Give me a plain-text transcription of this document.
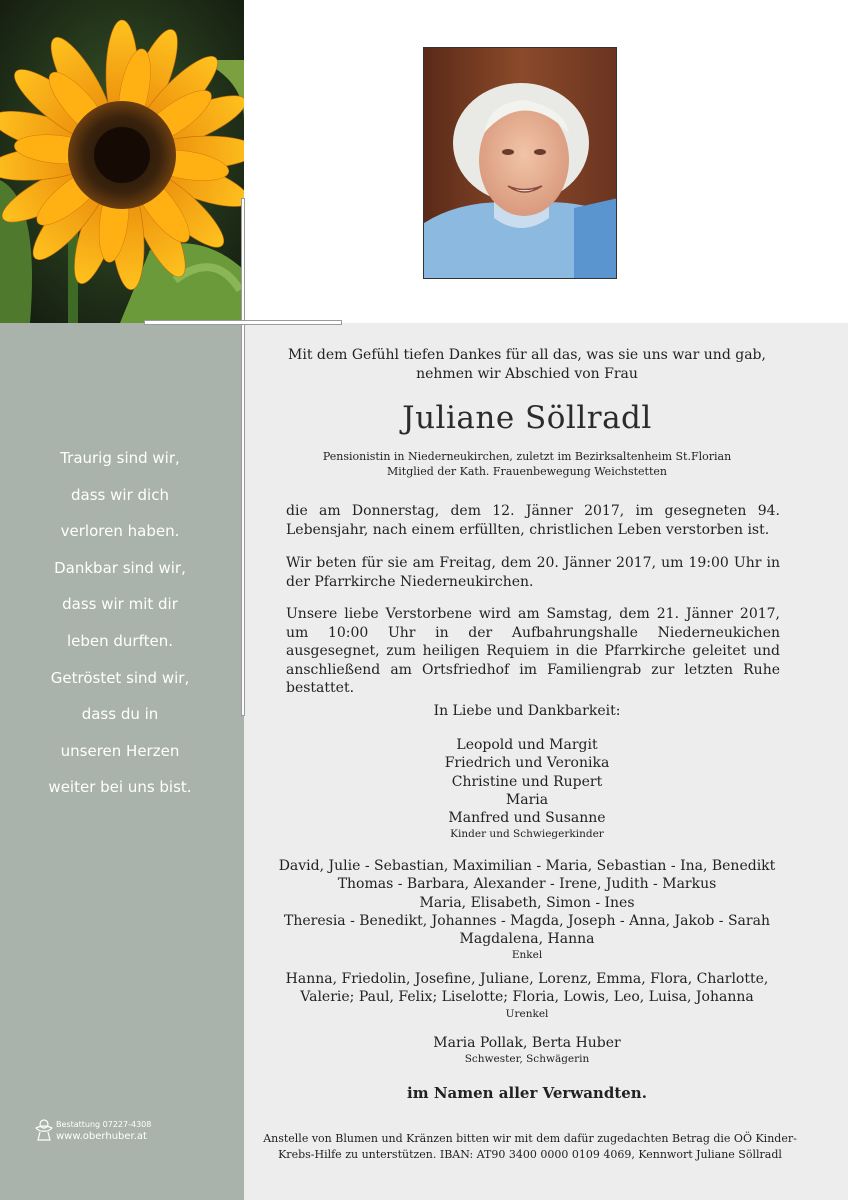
Traurig sind wir,
dass wir dich
verloren haben.
Dankbar sind wir,
dass wir mit dir
leben durften.
Getröstet sind wir,
dass du in
unseren Herzen
weiter bei uns bist.
Bestattung 07227-4308
www.oberhuber.at
Mit dem Gefühl tiefen Dankes für all das, was sie uns war und gab,
nehmen wir Abschied von Frau
Juliane Söllradl
Pensionistin in Niederneukirchen, zuletzt im Bezirksaltenheim St.Florian
Mitglied der Kath. Frauenbewegung Weichstetten
die am Donnerstag, dem 12. Jänner 2017, im gesegneten 94. Lebensjahr, nach einem erfüllten, christlichen Leben verstorben ist.
Wir beten für sie am Freitag, dem 20. Jänner 2017, um 19:00 Uhr in der Pfarrkirche Niederneukirchen.
Unsere liebe Verstorbene wird am Samstag, dem 21. Jänner 2017, um 10:00 Uhr in der Aufbahrungshalle Niederneukichen ausgesegnet, zum heiligen Requiem in die Pfarrkirche geleitet und anschließend am Ortsfriedhof im Familiengrab zur letzten Ruhe bestattet.
In Liebe und Dankbarkeit:
Leopold und Margit
Friedrich und Veronika
Christine und Rupert
Maria
Manfred und Susanne
Kinder und Schwiegerkinder
David, Julie - Sebastian, Maximilian - Maria, Sebastian - Ina, Benedikt
Thomas - Barbara, Alexander - Irene, Judith - Markus
Maria, Elisabeth, Simon - Ines
Theresia - Benedikt, Johannes - Magda, Joseph - Anna, Jakob - Sarah
Magdalena, Hanna
Enkel
Hanna, Friedolin, Josefine, Juliane, Lorenz, Emma, Flora, Charlotte,
Valerie; Paul, Felix; Liselotte; Floria, Lowis, Leo, Luisa, Johanna
Urenkel
Maria Pollak, Berta Huber
Schwester, Schwägerin
im Namen aller Verwandten.
Anstelle von Blumen und Kränzen bitten wir mit dem dafür zugedachten Betrag die OÖ Kinder-
Krebs-Hilfe zu unterstützen. IBAN: AT90 3400 0000 0109 4069, Kennwort Juliane Söllradl
